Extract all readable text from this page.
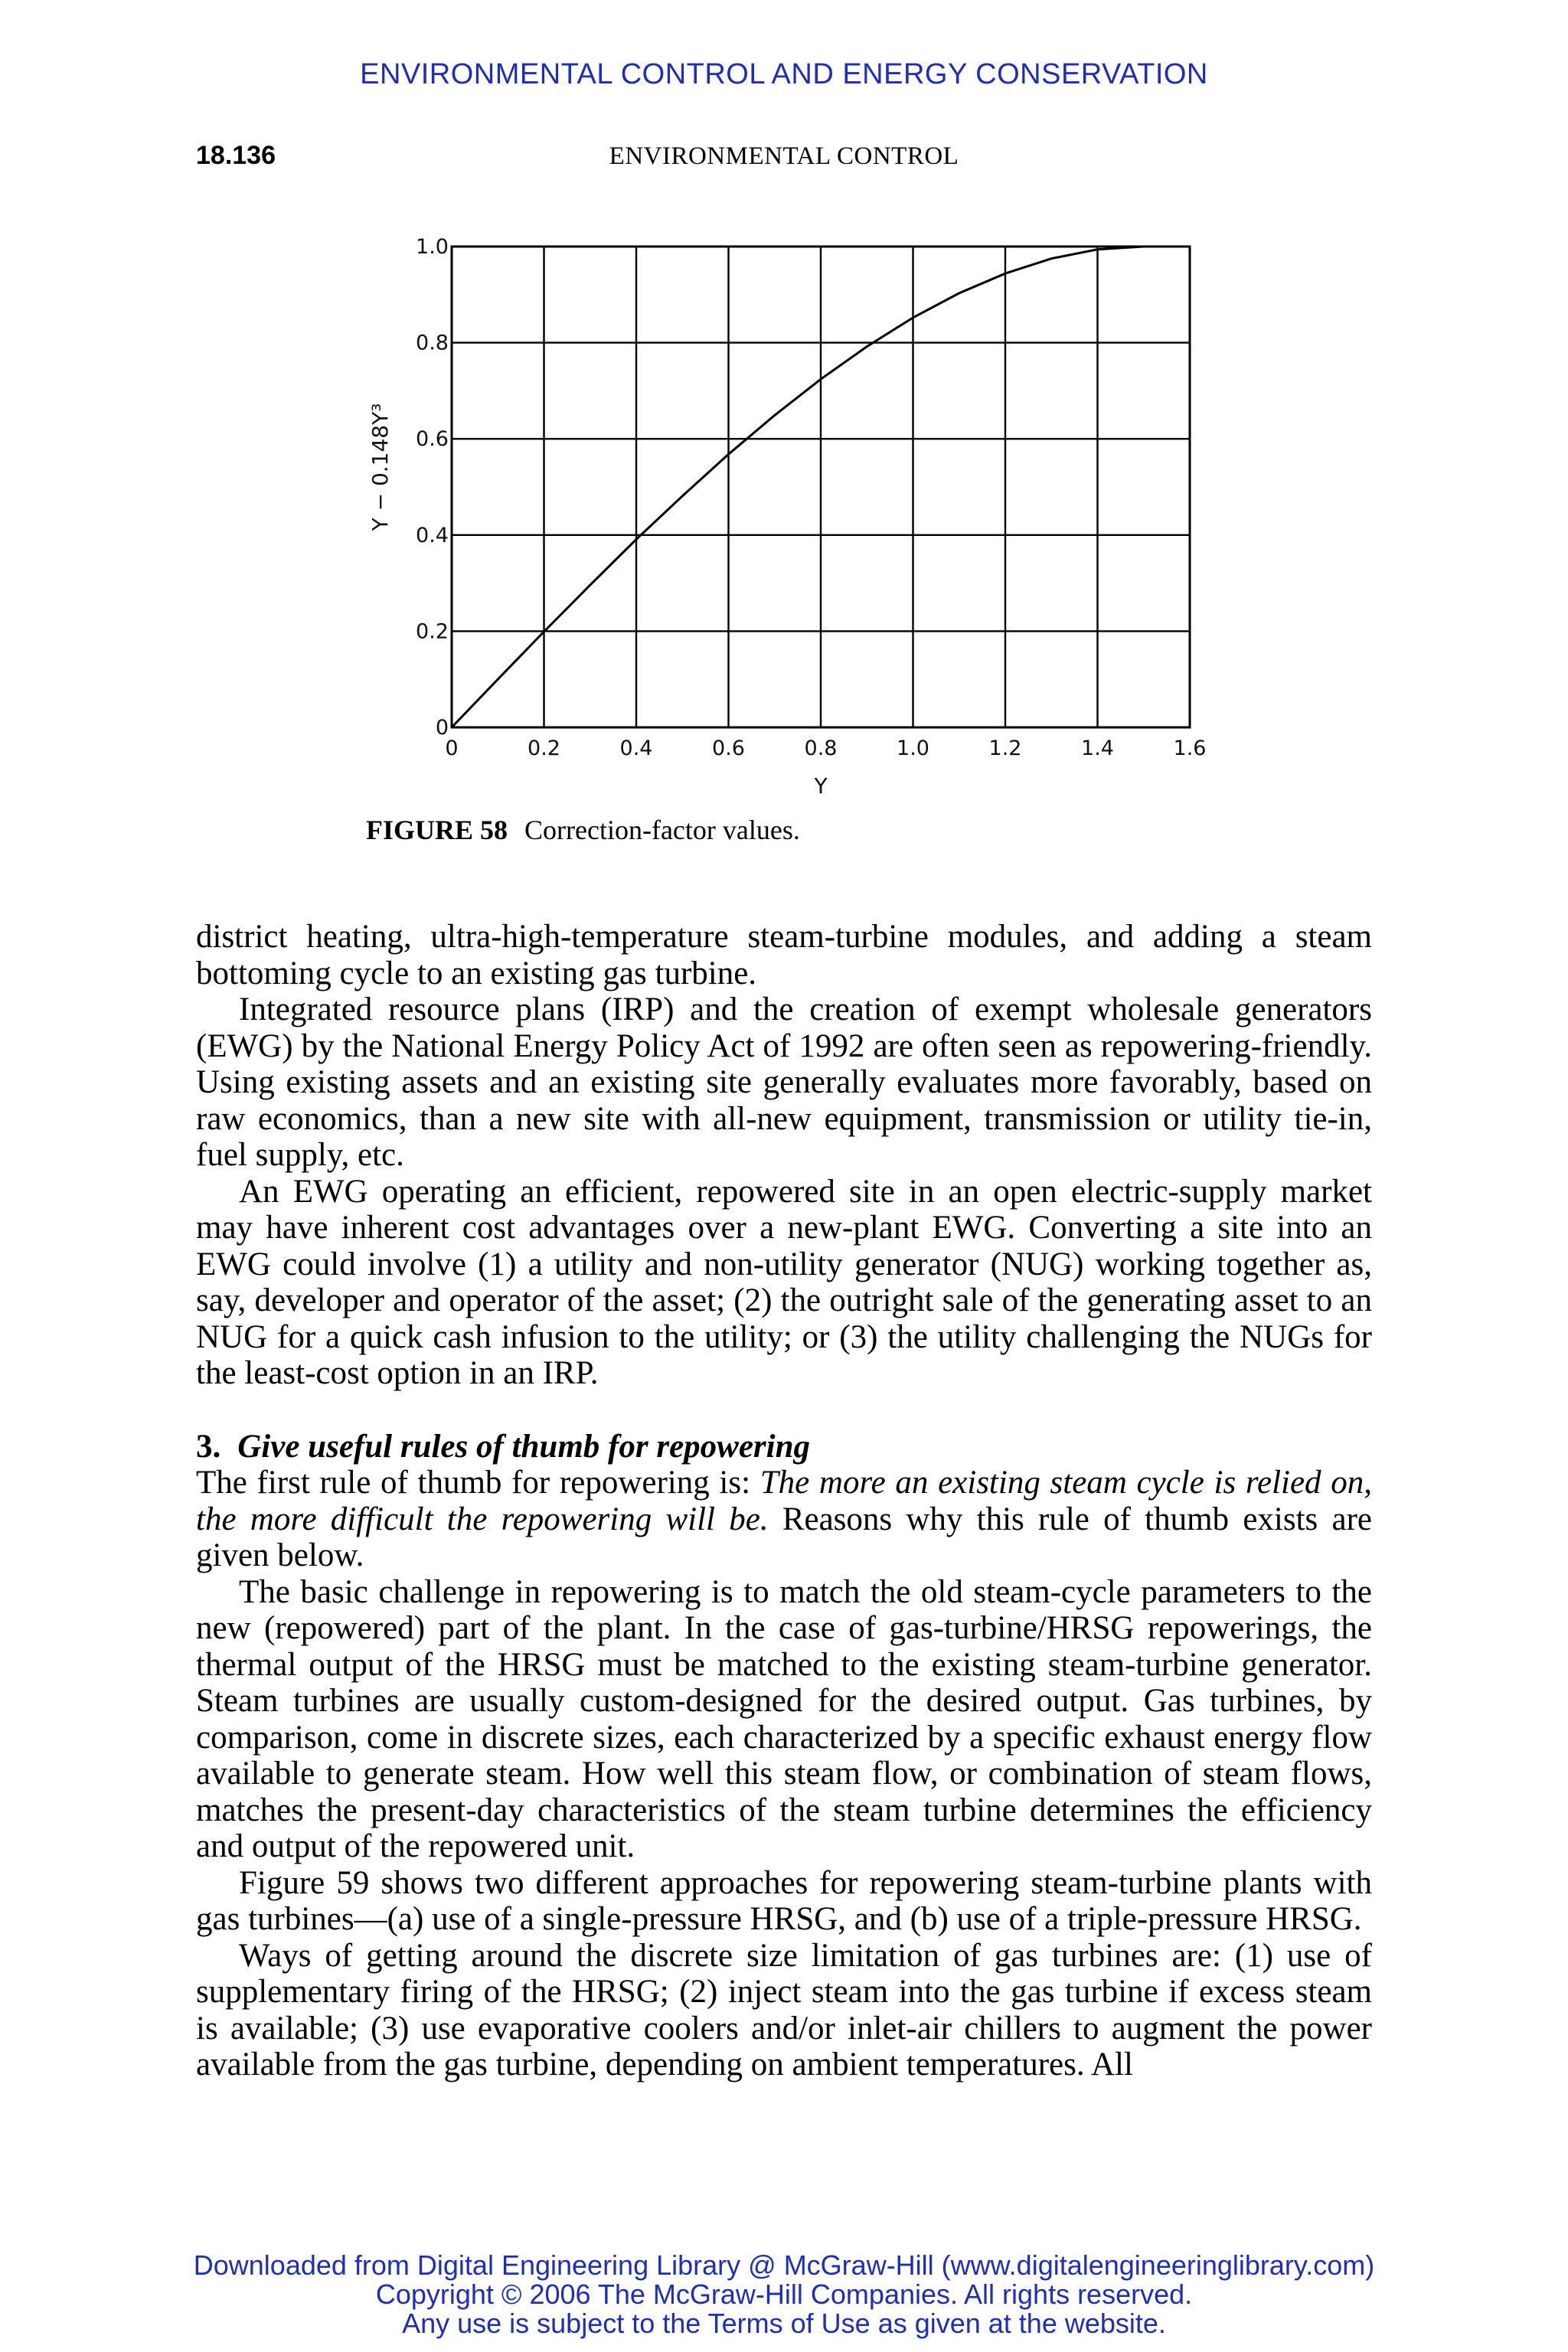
ENVIRONMENTAL CONTROL AND ENERGY CONSERVATION
18.136	ENVIRONMENTAL CONTROL
0	0.2	0.4	0.6	0.8	1.0	1.2	1.4	1.6
0
0.2
0.4
0.6
0.8
1.0
Y
Y − 0.148Y³
FIGURE 58 Correction-factor values.

district heating, ultra-high-temperature steam-turbine modules, and adding a steam bottoming cycle to an existing gas turbine.

Integrated resource plans (IRP) and the creation of exempt wholesale generators (EWG) by the National Energy Policy Act of 1992 are often seen as repowering-friendly. Using existing assets and an existing site generally evaluates more favorably, based on raw economics, than a new site with all-new equipment, transmission or utility tie-in, fuel supply, etc.

An EWG operating an efficient, repowered site in an open electric-supply market may have inherent cost advantages over a new-plant EWG. Converting a site into an EWG could involve (1) a utility and non-utility generator (NUG) working together as, say, developer and operator of the asset; (2) the outright sale of the generating asset to an NUG for a quick cash infusion to the utility; or (3) the utility challenging the NUGs for the least-cost option in an IRP.

3. Give useful rules of thumb for repowering

The first rule of thumb for repowering is: The more an existing steam cycle is relied on, the more difficult the repowering will be. Reasons why this rule of thumb exists are given below.

The basic challenge in repowering is to match the old steam-cycle parameters to the new (repowered) part of the plant. In the case of gas-turbine/HRSG repowerings, the thermal output of the HRSG must be matched to the existing steam-turbine generator. Steam turbines are usually custom-designed for the desired output. Gas turbines, by comparison, come in discrete sizes, each characterized by a specific exhaust energy flow available to generate steam. How well this steam flow, or combination of steam flows, matches the present-day characteristics of the steam turbine determines the efficiency and output of the repowered unit.

Figure 59 shows two different approaches for repowering steam-turbine plants with gas turbines—(a) use of a single-pressure HRSG, and (b) use of a triple-pressure HRSG.

Ways of getting around the discrete size limitation of gas turbines are: (1) use of supplementary firing of the HRSG; (2) inject steam into the gas turbine if excess steam is available; (3) use evaporative coolers and/or inlet-air chillers to augment the power available from the gas turbine, depending on ambient temperatures. All

Downloaded from Digital Engineering Library @ McGraw-Hill (www.digitalengineeringlibrary.com)
Copyright © 2006 The McGraw-Hill Companies. All rights reserved.
Any use is subject to the Terms of Use as given at the website.
